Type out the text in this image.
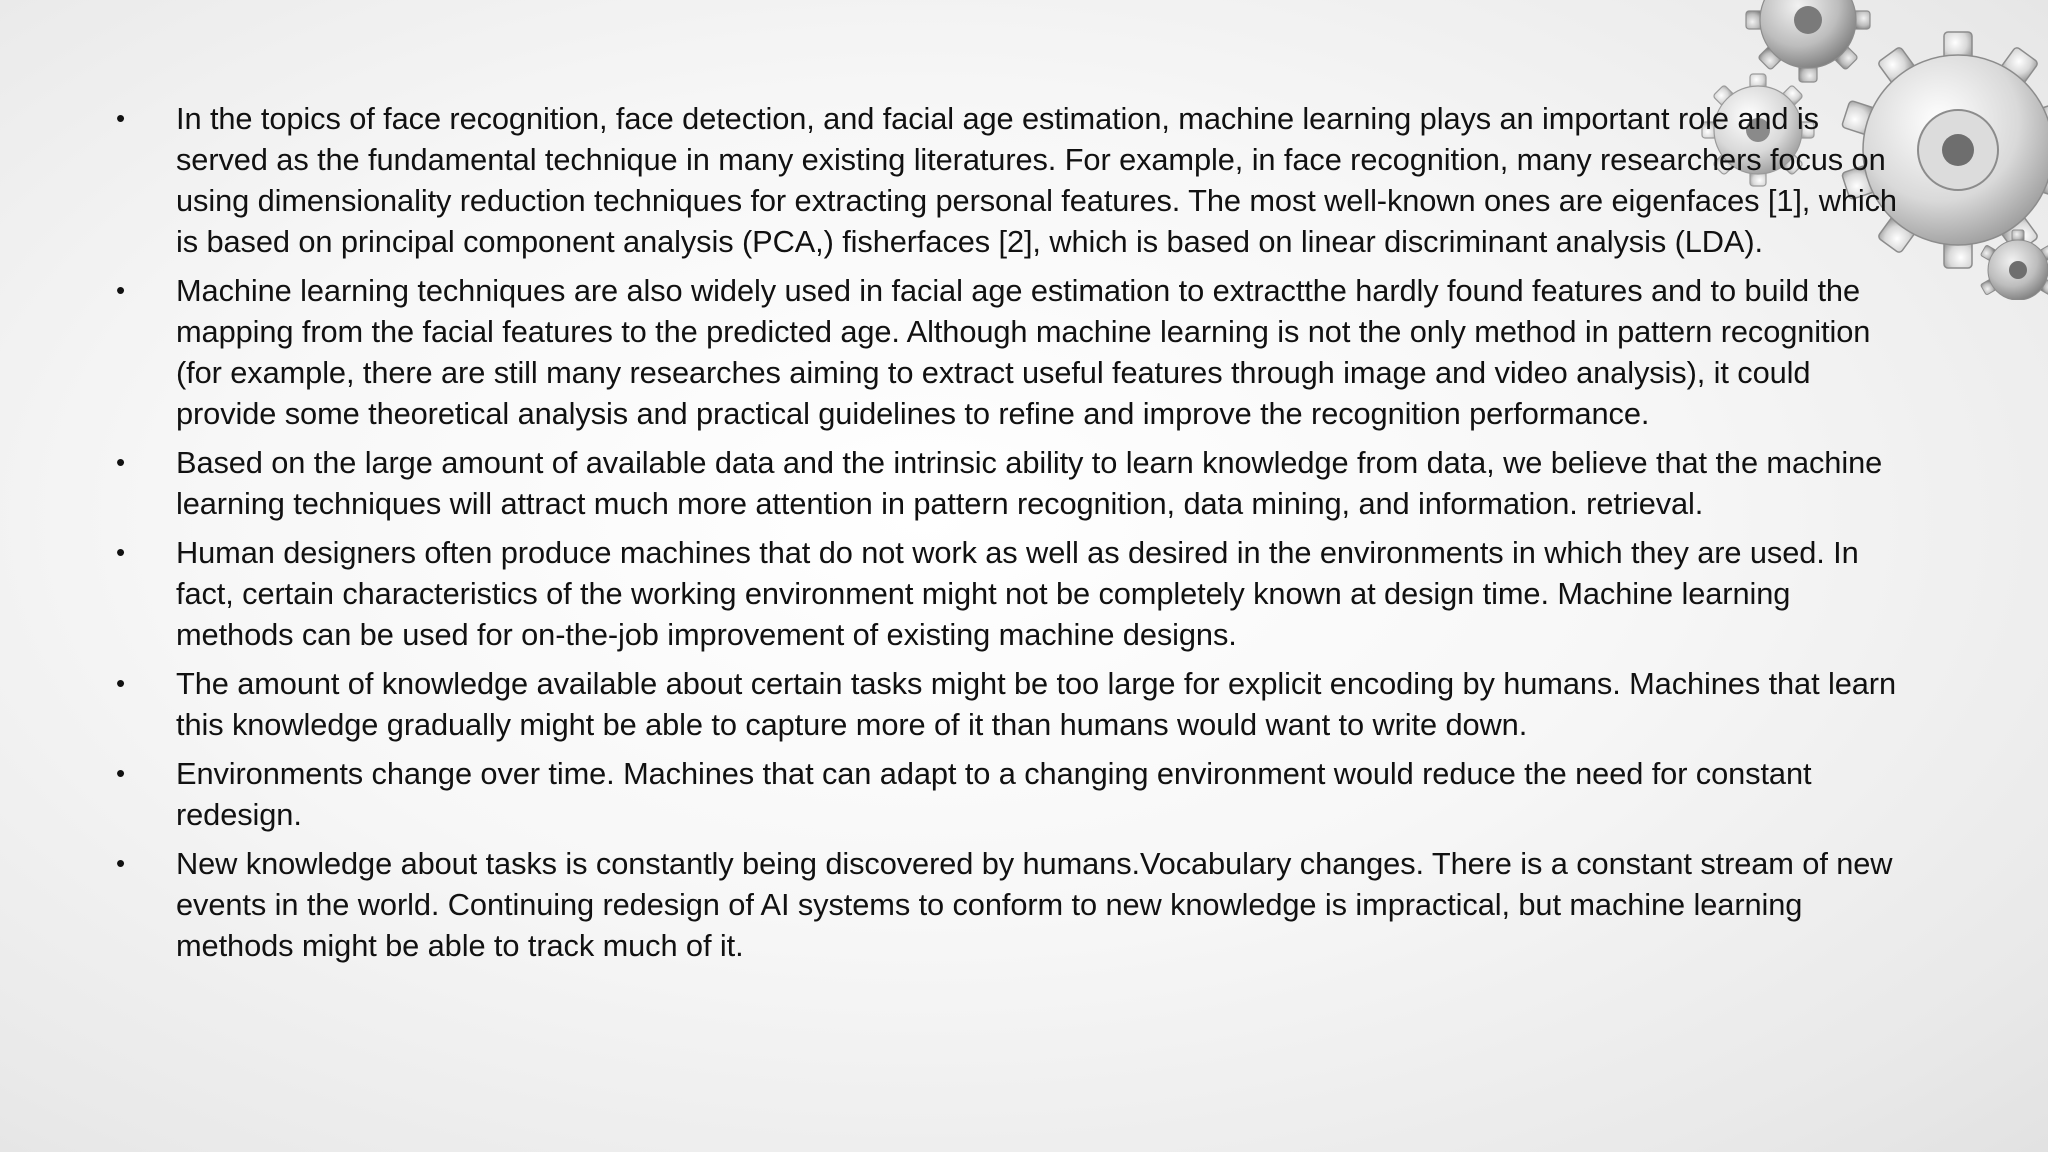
•	In the topics of face recognition, face detection, and facial age estimation, machine learning plays an important role and is served as the fundamental technique in many existing literatures. For example, in face recognition, many researchers focus on using dimensionality reduction techniques for extracting personal features. The most well-known ones are eigenfaces [1], which is based on principal component analysis (PCA,) fisherfaces [2], which is based on linear discriminant analysis (LDA).
•	Machine learning techniques are also widely used in facial age estimation to extractthe hardly found features and to build the mapping from the facial features to the predicted age. Although machine learning is not the only method in pattern recognition (for example, there are still many researches aiming to extract useful features through image and video analysis), it could provide some theoretical analysis and practical guidelines to refine and improve the recognition performance.
•	Based on the large amount of available data and the intrinsic ability to learn knowledge from data, we believe that the machine learning techniques will attract much more attention in pattern recognition, data mining, and information. retrieval.
•	Human designers often produce machines that do not work as well as desired in the environments in which they are used. In fact, certain characteristics of the working environment might not be completely known at design time. Machine learning methods can be used for on-the-job improvement of existing machine designs.
•	The amount of knowledge available about certain tasks might be too large for explicit encoding by humans. Machines that learn this knowledge gradually might be able to capture more of it than humans would want to write down.
•	Environments change over time. Machines that can adapt to a changing environment would reduce the need for constant redesign.
•	New knowledge about tasks is constantly being discovered by humans.Vocabulary changes. There is a constant stream of new events in the world. Continuing redesign of AI systems to conform to new knowledge is impractical, but machine learning methods might be able to track much of it.
